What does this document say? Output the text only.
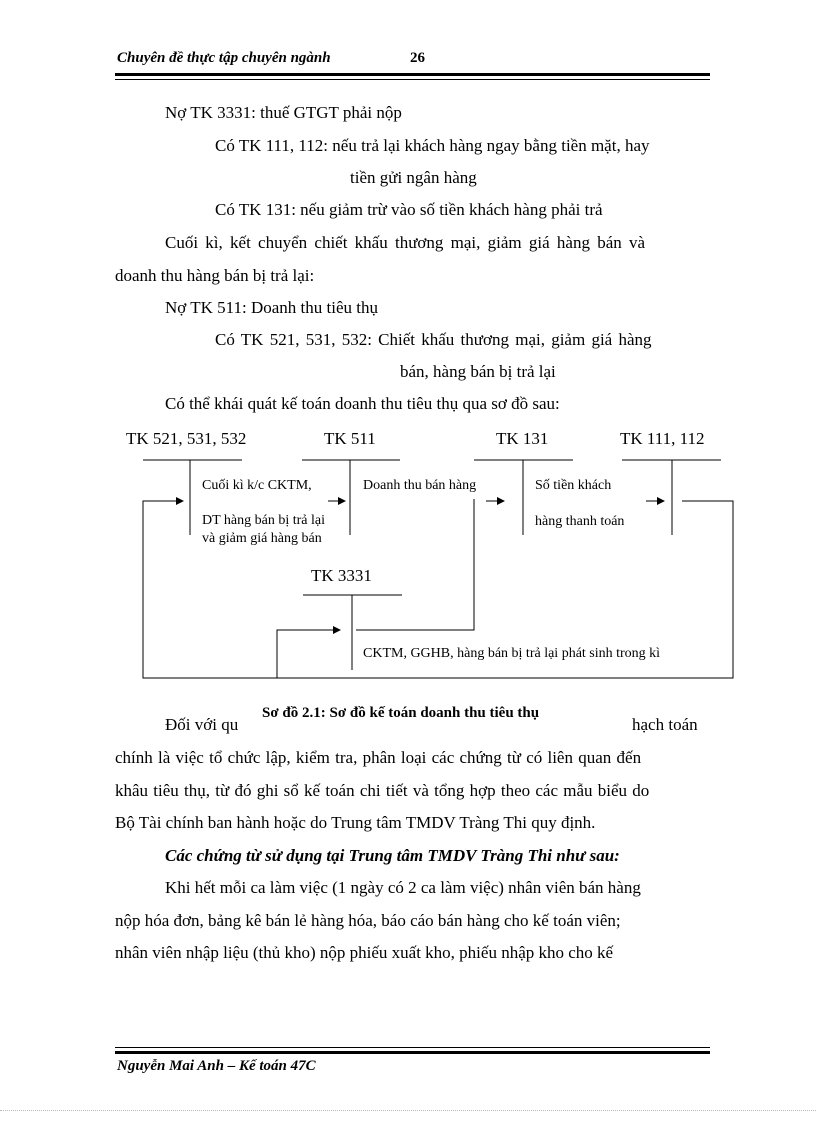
Chuyên đề thực tập chuyên ngành	26
Nợ TK 3331: thuế GTGT phải nộp
Có TK 111, 112: nếu trả lại khách hàng ngay bằng tiền mặt, hay
tiền gửi ngân hàng
Có TK 131: nếu giảm trừ vào số tiền khách hàng phải trả
Cuối kì, kết chuyển chiết khấu thương mại, giảm giá hàng bán và
doanh thu hàng bán bị trả lại:
Nợ TK 511: Doanh thu tiêu thụ
Có TK 521, 531, 532: Chiết khấu thương mại, giảm giá hàng
bán, hàng bán bị trả lại
Có thể khái quát kế toán doanh thu tiêu thụ qua sơ đồ sau:
TK 521, 531, 532	TK 511	TK 131	TK 111, 112
TK 3331
Cuối kì k/c CKTM,
DT hàng bán bị trả lại
và giảm giá hàng bán
Doanh thu bán hàng	Số tiền khách
hàng thanh toán
CKTM, GGHB, hàng bán bị trả lại phát sinh trong kì
Đối với qu	hạch toán
Sơ đồ 2.1: Sơ đồ kế toán doanh thu tiêu thụ
chính là việc tổ chức lập, kiểm tra, phân loại các chứng từ có liên quan đến
khâu tiêu thụ, từ đó ghi sổ kế toán chi tiết và tổng hợp theo các mẫu biểu do
Bộ Tài chính ban hành hoặc do Trung tâm TMDV Tràng Thi quy định.
Các chứng từ sử dụng tại Trung tâm TMDV Tràng Thi như sau:
Khi hết mỗi ca làm việc (1 ngày có 2 ca làm việc) nhân viên bán hàng
nộp hóa đơn, bảng kê bán lẻ hàng hóa, báo cáo bán hàng cho kế toán viên;
nhân viên nhập liệu (thủ kho) nộp phiếu xuất kho, phiếu nhập kho cho kế
Nguyễn Mai Anh – Kế toán 47C
